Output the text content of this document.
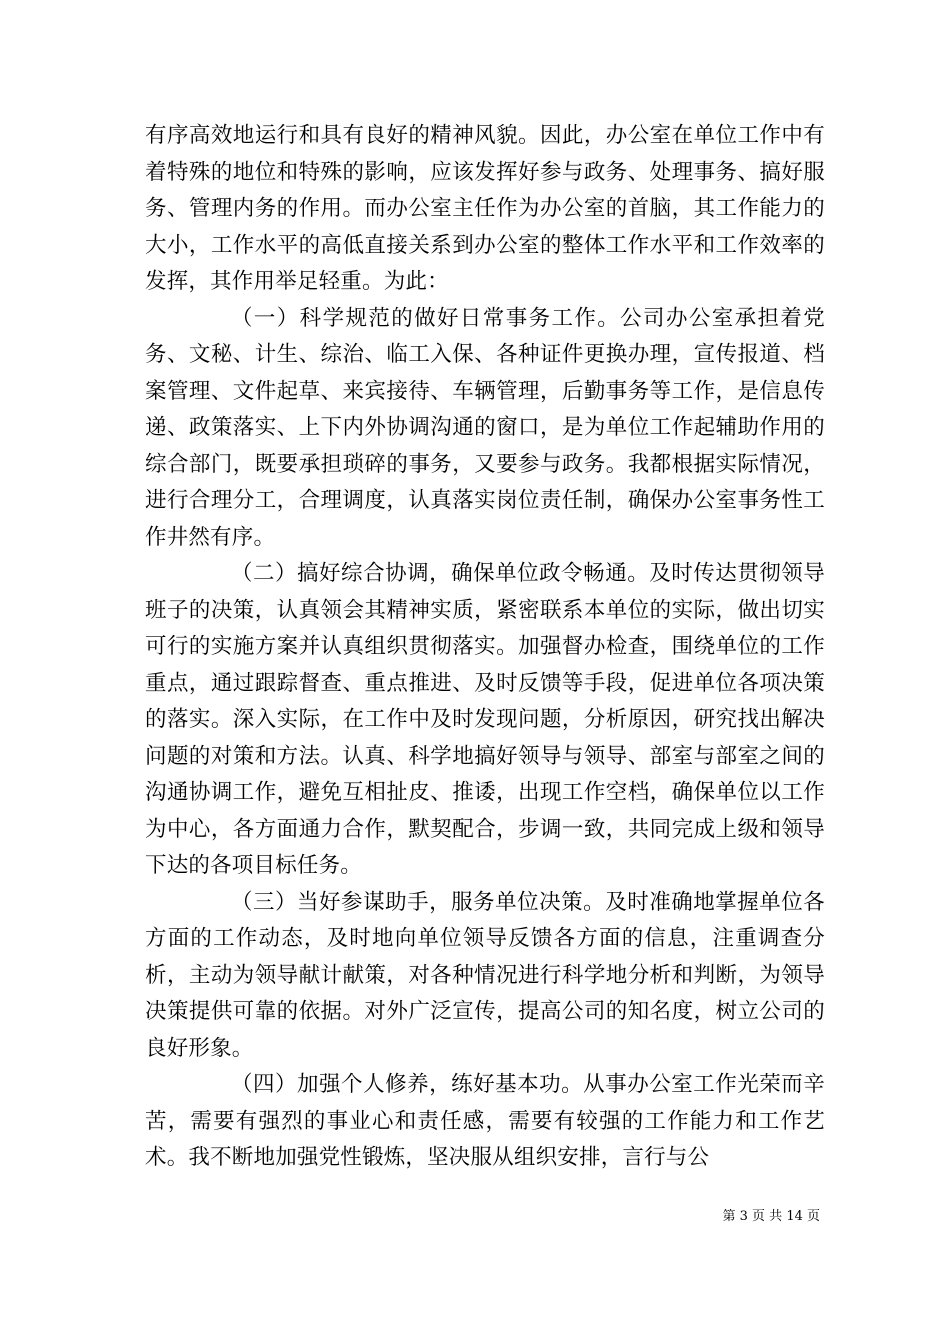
有序高效地运行和具有良好的精神风貌。因此，办公室在单位工作中有着特殊的地位和特殊的影响，应该发挥好参与政务、处理事务、搞好服务、管理内务的作用。而办公室主任作为办公室的首脑，其工作能力的大小，工作水平的高低直接关系到办公室的整体工作水平和工作效率的发挥，其作用举足轻重。为此：

（一）科学规范的做好日常事务工作。公司办公室承担着党务、文秘、计生、综治、临工入保、各种证件更换办理，宣传报道、档案管理、文件起草、来宾接待、车辆管理，后勤事务等工作，是信息传递、政策落实、上下内外协调沟通的窗口，是为单位工作起辅助作用的综合部门，既要承担琐碎的事务，又要参与政务。我都根据实际情况，进行合理分工，合理调度，认真落实岗位责任制，确保办公室事务性工作井然有序。

（二）搞好综合协调，确保单位政令畅通。及时传达贯彻领导班子的决策，认真领会其精神实质，紧密联系本单位的实际，做出切实可行的实施方案并认真组织贯彻落实。加强督办检查，围绕单位的工作重点，通过跟踪督查、重点推进、及时反馈等手段，促进单位各项决策的落实。深入实际，在工作中及时发现问题，分析原因，研究找出解决问题的对策和方法。认真、科学地搞好领导与领导、部室与部室之间的沟通协调工作，避免互相扯皮、推诿，出现工作空档，确保单位以工作为中心，各方面通力合作，默契配合，步调一致，共同完成上级和领导下达的各项目标任务。

（三）当好参谋助手，服务单位决策。及时准确地掌握单位各方面的工作动态，及时地向单位领导反馈各方面的信息，注重调查分析，主动为领导献计献策，对各种情况进行科学地分析和判断，为领导决策提供可靠的依据。对外广泛宣传，提高公司的知名度，树立公司的良好形象。

（四）加强个人修养，练好基本功。从事办公室工作光荣而辛苦，需要有强烈的事业心和责任感，需要有较强的工作能力和工作艺术。我不断地加强党性锻炼，坚决服从组织安排，言行与公

第 3 页 共 14 页
